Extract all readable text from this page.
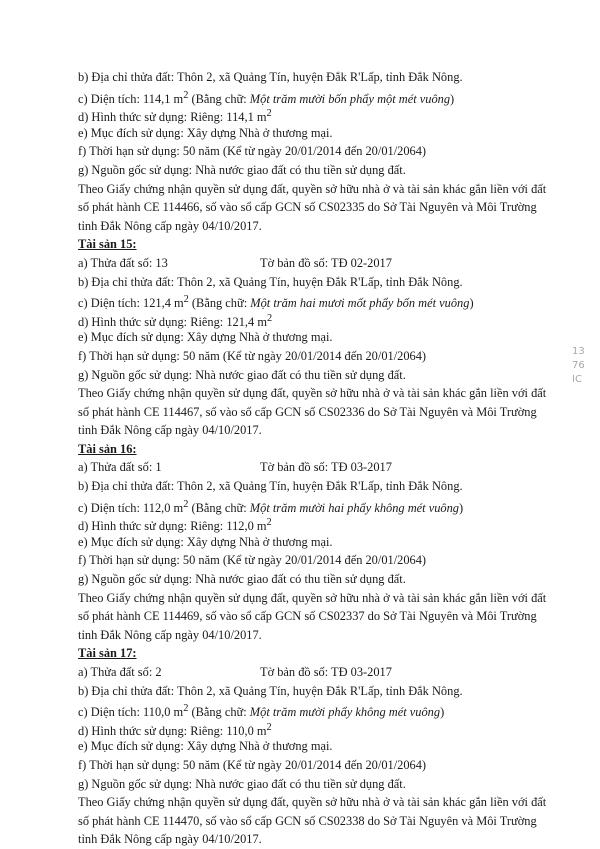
b) Địa chỉ thửa đất: Thôn 2, xã Quảng Tín, huyện Đắk R'Lấp, tỉnh Đắk Nông.
c) Diện tích: 114,1 $m^2$ (Bằng chữ: Một trăm mười bốn phẩy một mét vuông)
d) Hình thức sử dụng: Riêng: 114,1 $m^2$
e) Mục đích sử dụng: Xây dựng Nhà ở thương mại.
f) Thời hạn sử dụng: 50 năm (Kể từ ngày 20/01/2014 đến 20/01/2064)
g) Nguồn gốc sử dụng: Nhà nước giao đất có thu tiền sử dụng đất.
Theo Giấy chứng nhận quyền sử dụng đất, quyền sở hữu nhà ở và tài sản khác gắn liền với đất
số phát hành CE 114466, số vào sổ cấp GCN số CS02335 do Sở Tài Nguyên và Môi Trường
tỉnh Đắk Nông cấp ngày 04/10/2017.
Tài sản 15:
a) Thửa đất số: 13	Tờ bản đồ số: TĐ 02-2017
b) Địa chỉ thửa đất: Thôn 2, xã Quảng Tín, huyện Đắk R'Lấp, tỉnh Đắk Nông.
c) Diện tích: 121,4 $m^2$ (Bằng chữ: Một trăm hai mươi mốt phẩy bốn mét vuông)
d) Hình thức sử dụng: Riêng: 121,4 $m^2$
e) Mục đích sử dụng: Xây dựng Nhà ở thương mại.
f) Thời hạn sử dụng: 50 năm (Kể từ ngày 20/01/2014 đến 20/01/2064)
g) Nguồn gốc sử dụng: Nhà nước giao đất có thu tiền sử dụng đất.
Theo Giấy chứng nhận quyền sử dụng đất, quyền sở hữu nhà ở và tài sản khác gắn liền với đất
số phát hành CE 114467, số vào sổ cấp GCN số CS02336 do Sở Tài Nguyên và Môi Trường
tỉnh Đắk Nông cấp ngày 04/10/2017.
Tài sản 16:
a) Thửa đất số: 1	Tờ bản đồ số: TĐ 03-2017
b) Địa chỉ thửa đất: Thôn 2, xã Quảng Tín, huyện Đắk R'Lấp, tỉnh Đắk Nông.
c) Diện tích: 112,0 $m^2$ (Bằng chữ: Một trăm mười hai phẩy không mét vuông)
d) Hình thức sử dụng: Riêng: 112,0 $m^2$
e) Mục đích sử dụng: Xây dựng Nhà ở thương mại.
f) Thời hạn sử dụng: 50 năm (Kể từ ngày 20/01/2014 đến 20/01/2064)
g) Nguồn gốc sử dụng: Nhà nước giao đất có thu tiền sử dụng đất.
Theo Giấy chứng nhận quyền sử dụng đất, quyền sở hữu nhà ở và tài sản khác gắn liền với đất
số phát hành CE 114469, số vào sổ cấp GCN số CS02337 do Sở Tài Nguyên và Môi Trường
tỉnh Đắk Nông cấp ngày 04/10/2017.
Tài sản 17:
a) Thửa đất số: 2	Tờ bản đồ số: TĐ 03-2017
b) Địa chỉ thửa đất: Thôn 2, xã Quảng Tín, huyện Đắk R'Lấp, tỉnh Đắk Nông.
c) Diện tích: 110,0 $m^2$ (Bằng chữ: Một trăm mười phẩy không mét vuông)
d) Hình thức sử dụng: Riêng: 110,0 $m^2$
e) Mục đích sử dụng: Xây dựng Nhà ở thương mại.
f) Thời hạn sử dụng: 50 năm (Kể từ ngày 20/01/2014 đến 20/01/2064)
g) Nguồn gốc sử dụng: Nhà nước giao đất có thu tiền sử dụng đất.
Theo Giấy chứng nhận quyền sử dụng đất, quyền sở hữu nhà ở và tài sản khác gắn liền với đất
số phát hành CE 114470, số vào sổ cấp GCN số CS02338 do Sở Tài Nguyên và Môi Trường
tỉnh Đắk Nông cấp ngày 04/10/2017.
13
76
IC
